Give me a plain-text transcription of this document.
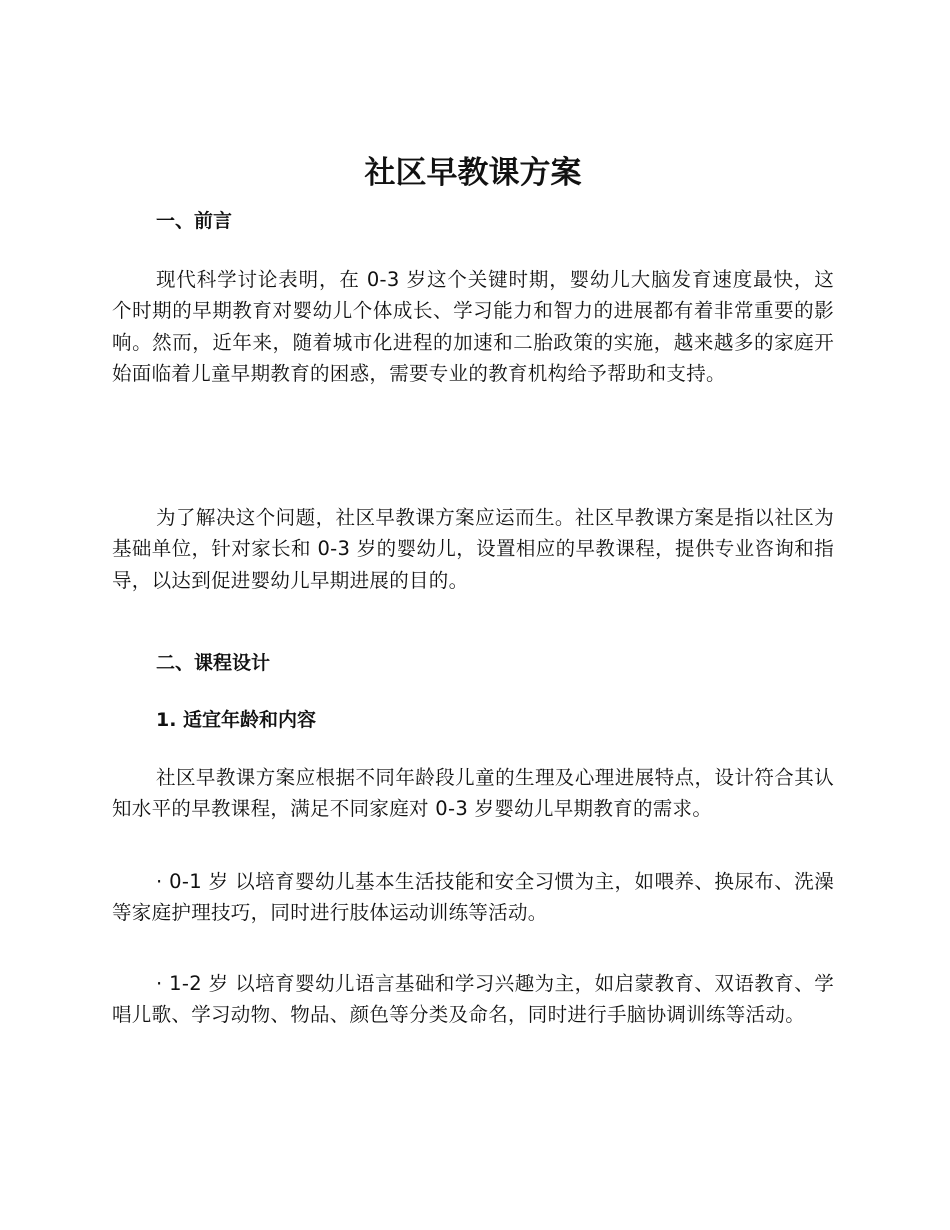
社区早教课方案
一、前言

现代科学讨论表明，在 0-3 岁这个关键时期，婴幼儿大脑发育速度最快，这个时期的早期教育对婴幼儿个体成长、学习能力和智力的进展都有着非常重要的影响。然而，近年来，随着城市化进程的加速和二胎政策的实施，越来越多的家庭开始面临着儿童早期教育的困惑，需要专业的教育机构给予帮助和支持。

为了解决这个问题，社区早教课方案应运而生。社区早教课方案是指以社区为基础单位，针对家长和 0-3 岁的婴幼儿，设置相应的早教课程，提供专业咨询和指导，以达到促进婴幼儿早期进展的目的。

二、课程设计
1. 适宜年龄和内容

社区早教课方案应根据不同年龄段儿童的生理及心理进展特点，设计符合其认知水平的早教课程，满足不同家庭对 0-3 岁婴幼儿早期教育的需求。

· 0-1 岁 以培育婴幼儿基本生活技能和安全习惯为主，如喂养、换尿布、洗澡等家庭护理技巧，同时进行肢体运动训练等活动。

· 1-2 岁 以培育婴幼儿语言基础和学习兴趣为主，如启蒙教育、双语教育、学唱儿歌、学习动物、物品、颜色等分类及命名，同时进行手脑协调训练等活动。
